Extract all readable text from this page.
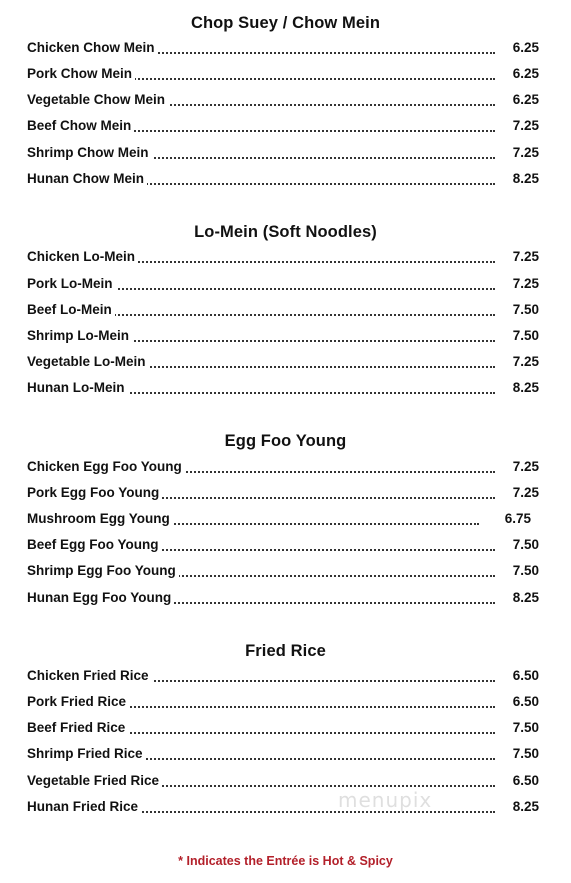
Chop Suey / Chow Mein
Chicken Chow Mein	6.25
Pork Chow Mein	6.25
Vegetable Chow Mein	6.25
Beef Chow Mein	7.25
Shrimp Chow Mein	7.25
Hunan Chow Mein	8.25
Lo-Mein (Soft Noodles)
Chicken Lo-Mein	7.25
Pork Lo-Mein	7.25
Beef Lo-Mein	7.50
Shrimp Lo-Mein	7.50
Vegetable Lo-Mein	7.25
Hunan Lo-Mein	8.25
Egg Foo Young
Chicken Egg Foo Young	7.25
Pork Egg Foo Young	7.25
Mushroom Egg Young	6.75
Beef Egg Foo Young	7.50
Shrimp Egg Foo Young	7.50
Hunan Egg Foo Young	8.25
Fried Rice
Chicken Fried Rice	6.50
Pork Fried Rice	6.50
Beef Fried Rice	7.50
Shrimp Fried Rice	7.50
Vegetable Fried Rice	6.50
Hunan Fried Rice	8.25
menupix
* Indicates the Entrée is Hot & Spicy
